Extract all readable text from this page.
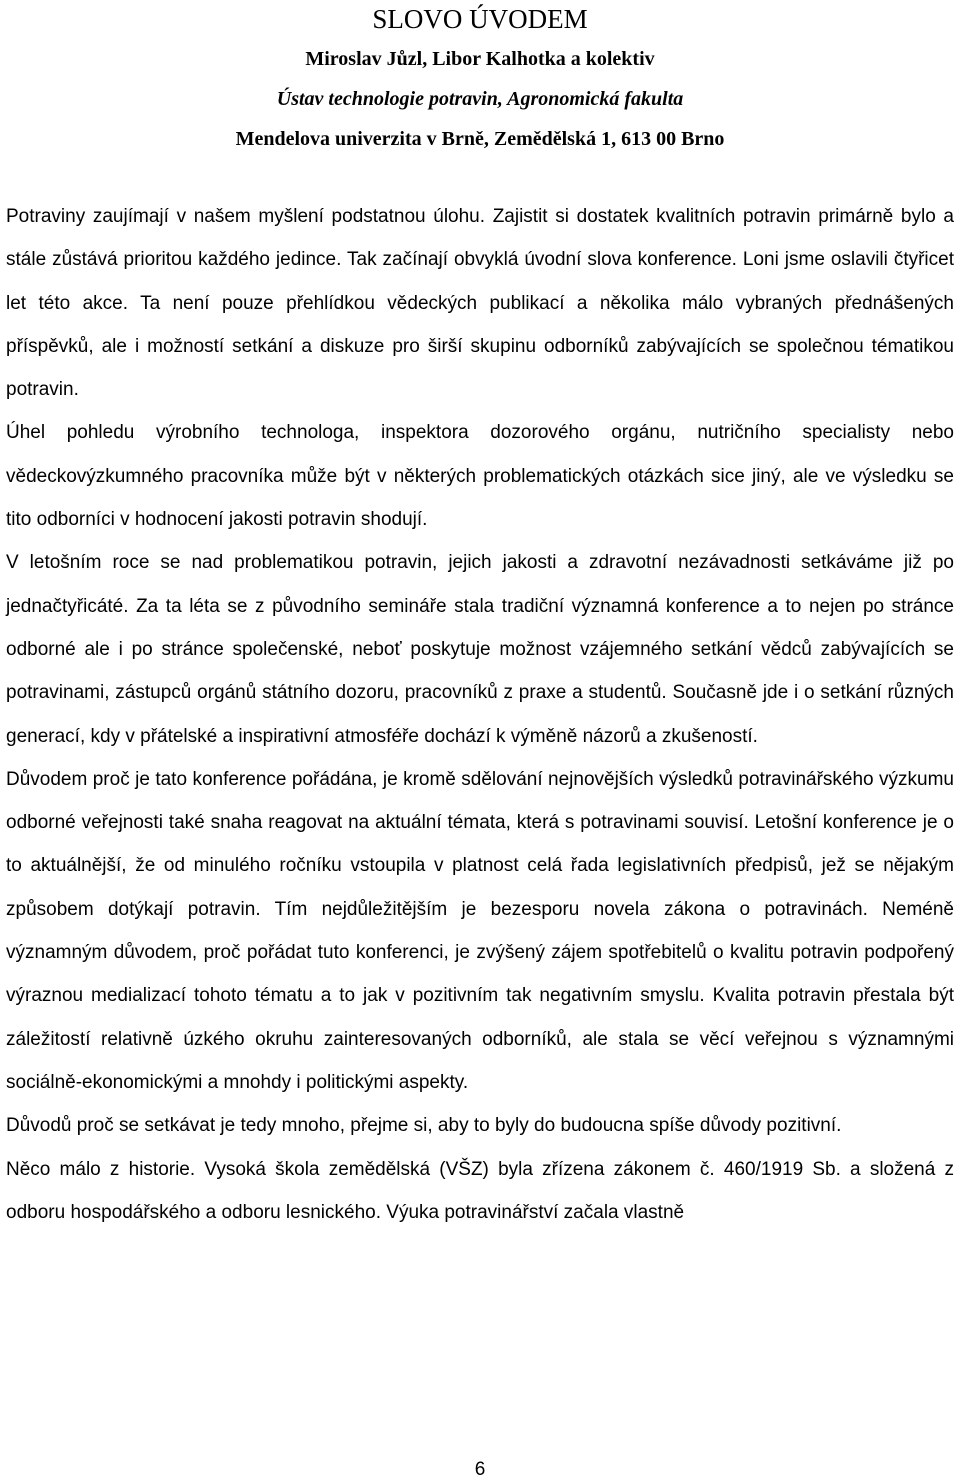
SLOVO ÚVODEM
Miroslav Jůzl, Libor Kalhotka a kolektiv
Ústav technologie potravin, Agronomická fakulta
Mendelova univerzita v Brně, Zemědělská 1, 613 00 Brno

Potraviny zaujímají v našem myšlení podstatnou úlohu. Zajistit si dostatek kvalitních potravin primárně bylo a stále zůstává prioritou každého jedince. Tak začínají obvyklá úvodní slova konference. Loni jsme oslavili čtyřicet let této akce. Ta není pouze přehlídkou vědeckých publikací a několika málo vybraných přednášených příspěvků, ale i možností setkání a diskuze pro širší skupinu odborníků zabývajících se společnou tématikou potravin.

Úhel pohledu výrobního technologa, inspektora dozorového orgánu, nutričního specialisty nebo vědeckovýzkumného pracovníka může být v některých problematických otázkách sice jiný, ale ve výsledku se tito odborníci v hodnocení jakosti potravin shodují.

V letošním roce se nad problematikou potravin, jejich jakosti a zdravotní nezávadnosti setkáváme již po jednačtyřicáté. Za ta léta se z původního semináře stala tradiční významná konference a to nejen po stránce odborné ale i po stránce společenské, neboť poskytuje možnost vzájemného setkání vědců zabývajících se potravinami, zástupců orgánů státního dozoru, pracovníků z praxe a studentů. Současně jde i o setkání různých generací, kdy v přátelské a inspirativní atmosféře dochází k výměně názorů a zkušeností.

Důvodem proč je tato konference pořádána, je kromě sdělování nejnovějších výsledků potravinářského výzkumu odborné veřejnosti také snaha reagovat na aktuální témata, která s potravinami souvisí. Letošní konference je o to aktuálnější, že od minulého ročníku vstoupila v platnost celá řada legislativních předpisů, jež se nějakým způsobem dotýkají potravin. Tím nejdůležitějším je bezesporu novela zákona o potravinách. Neméně významným důvodem, proč pořádat tuto konferenci, je zvýšený zájem spotřebitelů o kvalitu potravin podpořený výraznou medializací tohoto tématu a to jak v pozitivním tak negativním smyslu. Kvalita potravin přestala být záležitostí relativně úzkého okruhu zainteresovaných odborníků, ale stala se věcí veřejnou s významnými sociálně-ekonomickými a mnohdy i politickými aspekty.

Důvodů proč se setkávat je tedy mnoho, přejme si, aby to byly do budoucna spíše důvody pozitivní.

Něco málo z historie. Vysoká škola zemědělská (VŠZ) byla zřízena zákonem č. 460/1919 Sb. a složená z odboru hospodářského a odboru lesnického. Výuka potravinářství začala vlastně

6
